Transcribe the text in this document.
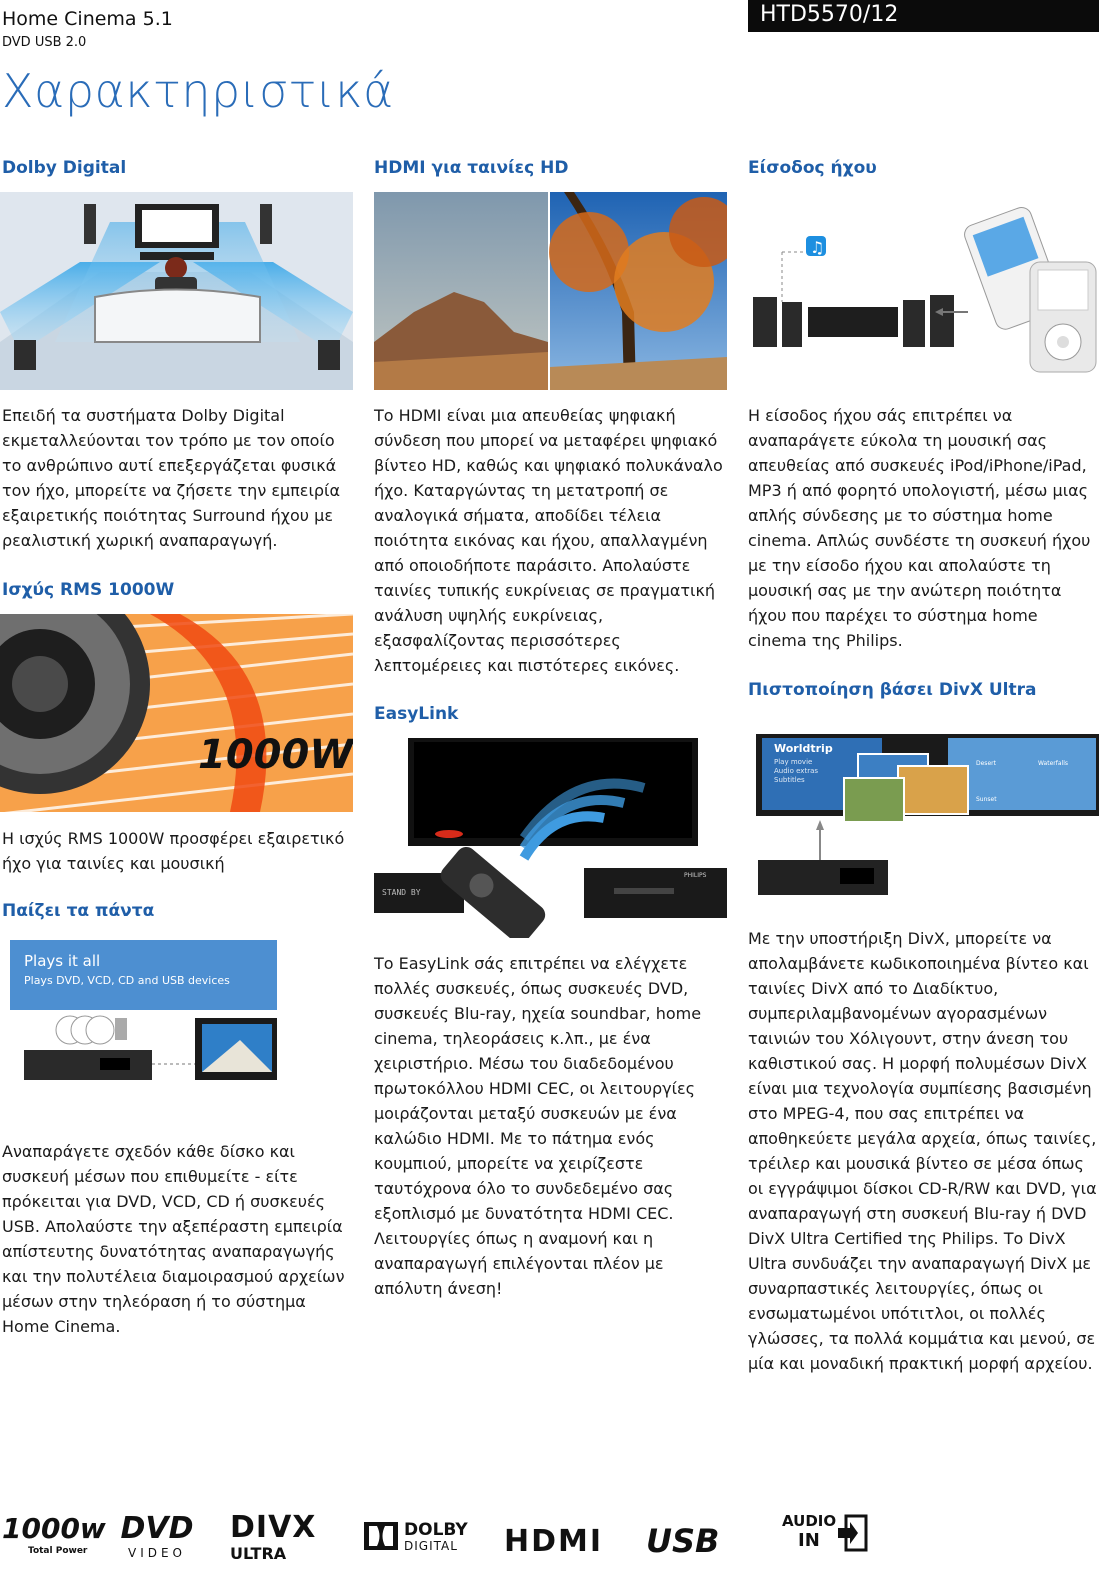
Home Cinema 5.1
DVD USB 2.0
HTD5570/12
Χαρακτηριστικά
Dolby Digital
Επειδή τα συστήματα Dolby Digital εκμεταλλεύονται τον τρόπο με τον οποίο το ανθρώπινο αυτί επεξεργάζεται φυσικά τον ήχο, μπορείτε να ζήσετε την εμπειρία εξαιρετικής ποιότητας Surround ήχου με ρεαλιστική χωρική αναπαραγωγή.
Ισχύς RMS 1000W
1000W
Η ισχύς RMS 1000W προσφέρει εξαιρετικό ήχο για ταινίες και μουσική
Παίζει τα πάντα
Plays it all
Plays DVD, VCD, CD and USB devices
Αναπαράγετε σχεδόν κάθε δίσκο και συσκευή μέσων που επιθυμείτε - είτε πρόκειται για DVD, VCD, CD ή συσκευές USB. Απολαύστε την αξεπέραστη εμπειρία απίστευτης δυνατότητας αναπαραγωγής και την πολυτέλεια διαμοιρασμού αρχείων μέσων στην τηλεόραση ή το σύστημα Home Cinema.
HDMI για ταινίες HD
Το HDMI είναι μια απευθείας ψηφιακή σύνδεση που μπορεί να μεταφέρει ψηφιακό βίντεο HD, καθώς και ψηφιακό πολυκάναλο ήχο. Καταργώντας τη μετατροπή σε αναλογικά σήματα, αποδίδει τέλεια ποιότητα εικόνας και ήχου, απαλλαγμένη από οποιοδήποτε παράσιτο. Απολαύστε ταινίες τυπικής ευκρίνειας σε πραγματική ανάλυση υψηλής ευκρίνειας, εξασφαλίζοντας περισσότερες λεπτομέρειες και πιστότερες εικόνες.
EasyLink
STAND BY
PHILIPS
Το EasyLink σάς επιτρέπει να ελέγχετε πολλές συσκευές, όπως συσκευές DVD, συσκευές Blu-ray, ηχεία soundbar, home cinema, τηλεοράσεις κ.λπ., με ένα χειριστήριο. Μέσω του διαδεδομένου πρωτοκόλλου HDMI CEC, οι λειτουργίες μοιράζονται μεταξύ συσκευών με ένα καλώδιο HDMI. Με το πάτημα ενός κουμπιού, μπορείτε να χειρίζεστε ταυτόχρονα όλο το συνδεδεμένο σας εξοπλισμό με δυνατότητα HDMI CEC. Λειτουργίες όπως η αναμονή και η αναπαραγωγή επιλέγονται πλέον με απόλυτη άνεση!
Είσοδος ήχου
♫
Η είσοδος ήχου σάς επιτρέπει να αναπαράγετε εύκολα τη μουσική σας απευθείας από συσκευές iPod/iPhone/iPad, MP3 ή από φορητό υπολογιστή, μέσω μιας απλής σύνδεσης με το σύστημα home cinema. Απλώς συνδέστε τη συσκευή ήχου με την είσοδο ήχου και απολαύστε τη μουσική σας με την ανώτερη ποιότητα ήχου που παρέχει το σύστημα home cinema της Philips.
Πιστοποίηση βάσει DivX Ultra
Worldtrip
Play movie
Audio extras
Subtitles
Desert	Waterfalls
Sunset
Με την υποστήριξη DivX, μπορείτε να απολαμβάνετε κωδικοποιημένα βίντεο και ταινίες DivX από το Διαδίκτυο, συμπεριλαμβανομένων αγορασμένων ταινιών του Χόλιγουντ, στην άνεση του καθιστικού σας. Η μορφή πολυμέσων DivX είναι μια τεχνολογία συμπίεσης βασισμένη στο MPEG-4, που σας επιτρέπει να αποθηκεύετε μεγάλα αρχεία, όπως ταινίες, τρέιλερ και μουσικά βίντεο σε μέσα όπως οι εγγράψιμοι δίσκοι CD-R/RW και DVD, για αναπαραγωγή στη συσκευή Blu-ray ή DVD DivX Ultra Certified της Philips. Το DivX Ultra συνδυάζει την αναπαραγωγή DivX με συναρπαστικές λειτουργίες, όπως οι ενσωματωμένοι υπότιτλοι, οι πολλές γλώσσες, τα πολλά κομμάτια και μενού, σε μία και μοναδική πρακτική μορφή αρχείου.
1000w
Total Power
DVD
VIDEO
DIVX
ULTRA
DOLBY
DIGITAL HDMI	USB
AUDIO
IN
